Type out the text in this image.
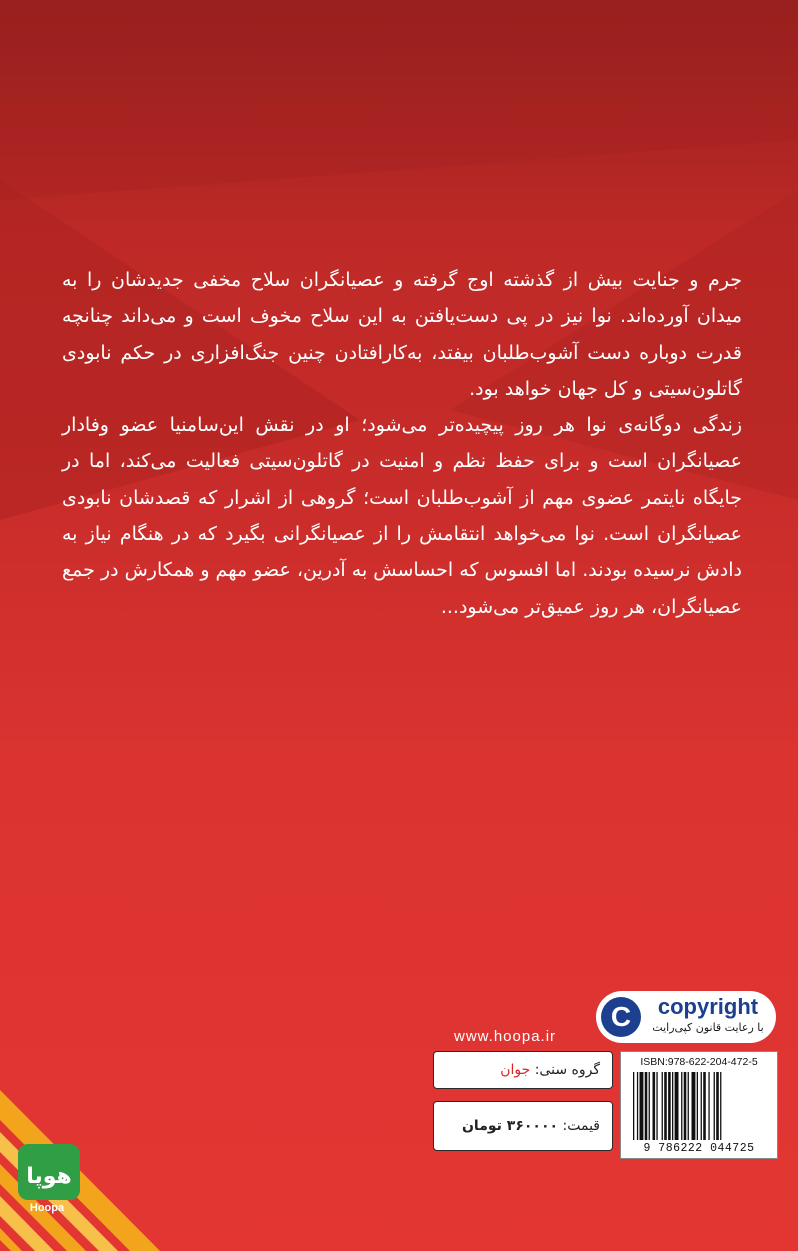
جرم و جنایت بیش از گذشته اوج گرفته و عصیانگران سلاح مخفی جدیدشان را به میدان آورده‌اند. نوا نیز در پی دست‌یافتن به این سلاح مخوف است و می‌داند چنانچه قدرت دوباره دست آشوب‌طلبان بیفتد، به‌کارافتادن چنین جنگ‌افزاری در حکم نابودی گاتلون‌سیتی و کل جهان خواهد بود.

زندگی دوگانه‌ی نوا هر روز پیچیده‌تر می‌شود؛ او در نقش این‌سامنیا عضو وفادار عصیانگران است و برای حفظ نظم و امنیت در گاتلون‌سیتی فعالیت می‌کند، اما در جایگاه نایتمر عضوی مهم از آشوب‌طلبان است؛ گروهی از اشرار که قصدشان نابودی عصیانگران است. نوا می‌خواهد انتقامش را از عصیانگرانی بگیرد که در هنگام نیاز به دادش نرسیده بودند. اما افسوس که احساسش به آدرین، عضو مهم و همکارش در جمع عصیانگران، هر روز عمیق‌تر می‌شود...

www.hoopa.ir
C	copyright
با رعایت قانون کپی‌رایت
گروه سنی: جوان
قیمت: ۳۶۰۰۰۰ تومان
ISBN:978-622-204-472-5
9 786222 044725
هوپا
Hoopa
